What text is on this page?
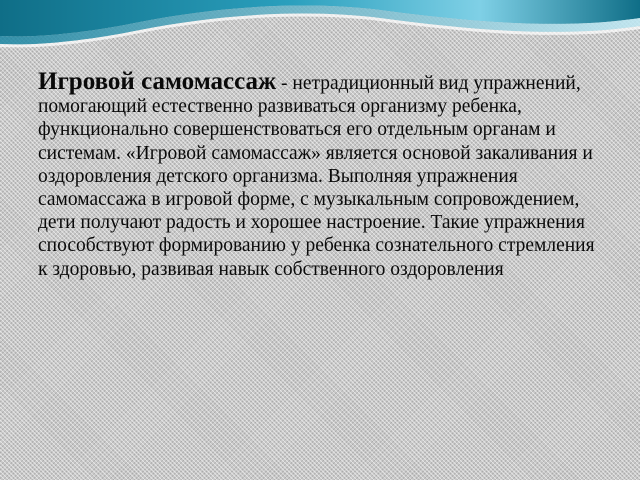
Игровой самомассаж - нетрадиционный вид упражнений, помогающий естественно развиваться организму ребенка, функционально совершенствоваться его отдельным органам и системам. «Игровой самомассаж» является основой закаливания и оздоровления детского организма. Выполняя упражнения самомассажа в игровой форме, с музыкальным сопровождением, дети получают радость и хорошее настроение. Такие упражнения способствуют формированию у ребенка сознательного стремления к здоровью, развивая навык собственного оздоровления
